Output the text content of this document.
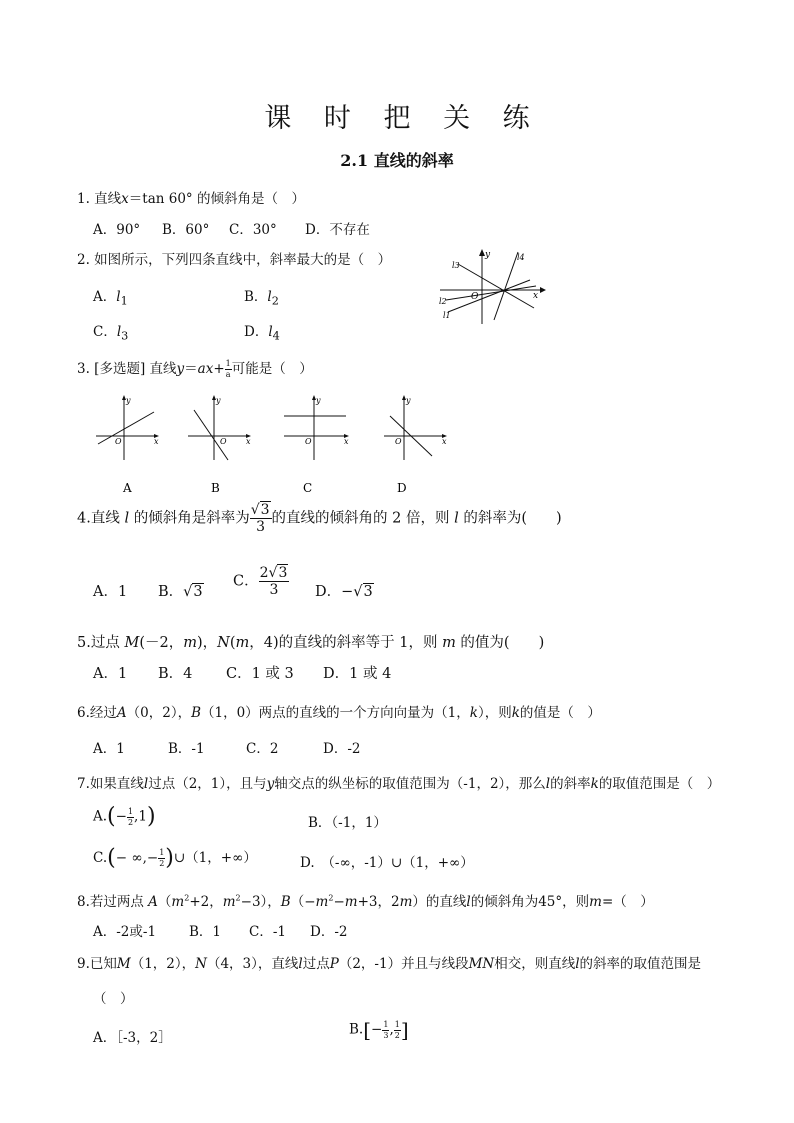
课 时 把 关 练
2.1 直线的斜率
1. 直线x＝tan 60° 的倾斜角是（　）
A．90° B．60° C．30° D．不存在
2. 如图所示，下列四条直线中，斜率最大的是（　）
A．$l_1$	B．$l_2$
C．$l_3$	D．$l_4$
x
y
O
l3
l4
l2
l1
3. [多选题] 直线$y=ax+ \frac{1}{a}$ 可能是（　）
y
x
O
A
y
x
O
B
y
x
O
C
y
x
O
D
4.直线 l 的倾斜角是斜率为 $\frac{√3}{3}$ 的直线的倾斜角的 2 倍，则 l 的斜率为(　　)
A．1 B．√3
C． $\frac{2√3}{3}$ D．−√3
5.过点 M(－2，m)，N(m，4)的直线的斜率等于 1，则 m 的值为(　　)
A．1 B．4 C．1 或 3 D．1 或 4
6.经过A（0，2），B（1，0）两点的直线的一个方向向量为（1，k），则k的值是（　）
A．1	B．-1	C．2	D．-2
7.如果直线l过点（2，1），且与y轴交点的纵坐标的取值范围为（-1，2），那么l的斜率k的取值范围是（　）
$A.(- \frac{1}{2} ,1)$	B．（-1，1）
C.(− ∞,− $\frac{1}{2}$ )∪（1，+∞）	D.　（-∞，-1）∪（1，+∞）
8.若过两点 $A(m^2+2$，$m^2-3$），$B(-m^2-m+3$，2m）的直线l的倾斜角为45°，则m=（　）
A．-2或-1 B．1 C．-1 D．-2
9.已知M（1，2），N（4，3），直线l过点P（2，-1）并且与线段MN相交，则直线l的斜率的取值范围是
（　）
A．［-3，2］
$B.[- \frac{1}{3}$ , $\frac{1}{2}$ ]
